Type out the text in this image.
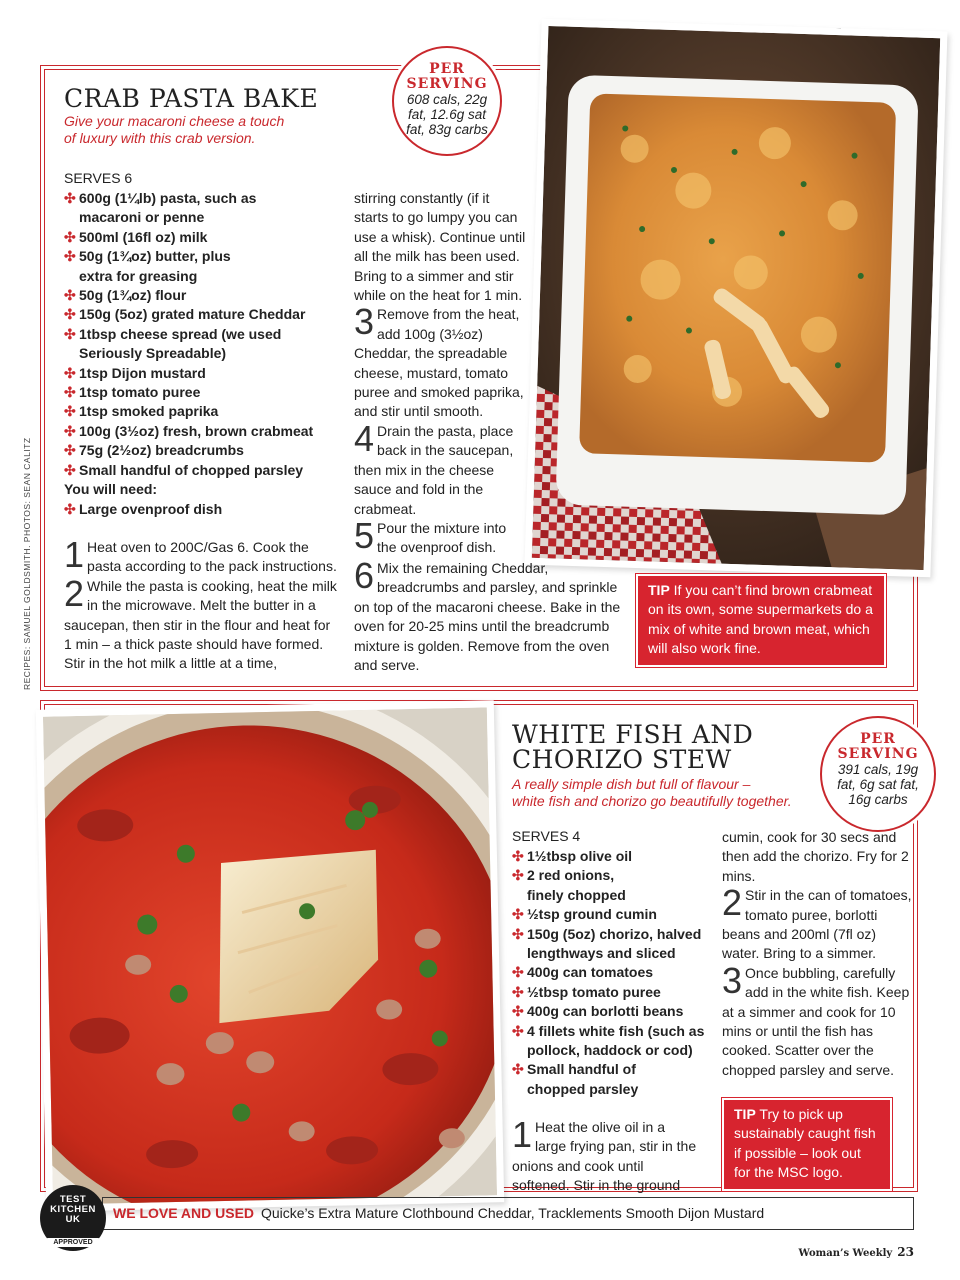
CRAB PASTA BAKE
Give your macaroni cheese a touch
of luxury with this crab version.
PER
SERVING
608 cals, 22g
fat, 12.6g sat
fat, 83g carbs
SERVES 6
✣ 600g (1¼lb) pasta, such as
macaroni or penne
✣ 500ml (16fl oz) milk
✣ 50g (1¾oz) butter, plus
extra for greasing
✣ 50g (1¾oz) flour
✣ 150g (5oz) grated mature Cheddar
✣ 1tbsp cheese spread (we used
Seriously Spreadable)
✣ 1tsp Dijon mustard
✣ 1tsp tomato puree
✣ 1tsp smoked paprika
✣ 100g (3½oz) fresh, brown crabmeat
✣ 75g (2½oz) breadcrumbs
✣ Small handful of chopped parsley
You will need:
✣ Large ovenproof dish
1 Heat oven to 200C/Gas 6. Cook the pasta according to the pack instructions.
2 While the pasta is cooking, heat the milk in the microwave. Melt the butter in a saucepan, then stir in the flour and heat for 1 min – a thick paste should have formed. Stir in the hot milk a little at a time,
stirring constantly (if it starts to go lumpy you can use a whisk). Continue until all the milk has been used. Bring to a simmer and stir while on the heat for 1 min.
3 Remove from the heat, add 100g (3½oz) Cheddar, the spreadable cheese, mustard, tomato puree and smoked paprika, and stir until smooth.
4 Drain the pasta, place back in the saucepan, then mix in the cheese sauce and fold in the crabmeat.
5 Pour the mixture into the ovenproof dish.
6 Mix the remaining Cheddar, breadcrumbs and parsley, and sprinkle on top of the macaroni cheese. Bake in the oven for 20-25 mins until the breadcrumb mixture is golden. Remove from the oven and serve.
TIP If you can’t find brown crabmeat on its own, some supermarkets do a mix of white and brown meat, which will also work fine.
RECIPES: SAMUEL GOLDSMITH. PHOTOS: SEAN CALITZ
WHITE FISH AND
CHORIZO STEW
A really simple dish but full of flavour –
white fish and chorizo go beautifully together.
PER
SERVING
391 cals, 19g
fat, 6g sat fat,
16g carbs
SERVES 4
✣ 1½tbsp olive oil
✣ 2 red onions,
finely chopped
✣ ½tsp ground cumin
✣ 150g (5oz) chorizo, halved
lengthways and sliced
✣ 400g can tomatoes
✣ ½tbsp tomato puree
✣ 400g can borlotti beans
✣ 4 fillets white fish (such as
pollock, haddock or cod)
✣ Small handful of
chopped parsley
1 Heat the olive oil in a large frying pan, stir in the onions and cook until softened. Stir in the ground
cumin, cook for 30 secs and then add the chorizo. Fry for 2 mins.
2 Stir in the can of tomatoes, tomato puree, borlotti beans and 200ml (7fl oz) water. Bring to a simmer.
3 Once bubbling, carefully add in the white fish. Keep at a simmer and cook for 10 mins or until the fish has cooked. Scatter over the chopped parsley and serve.
TIP Try to pick up sustainably caught fish if possible – look out for the MSC logo.
WE LOVE AND USED Quicke’s Extra Mature Clothbound Cheddar, Tracklements Smooth Dijon Mustard
TEST
KITCHEN
UK
APPROVED
Woman’s Weekly 23
